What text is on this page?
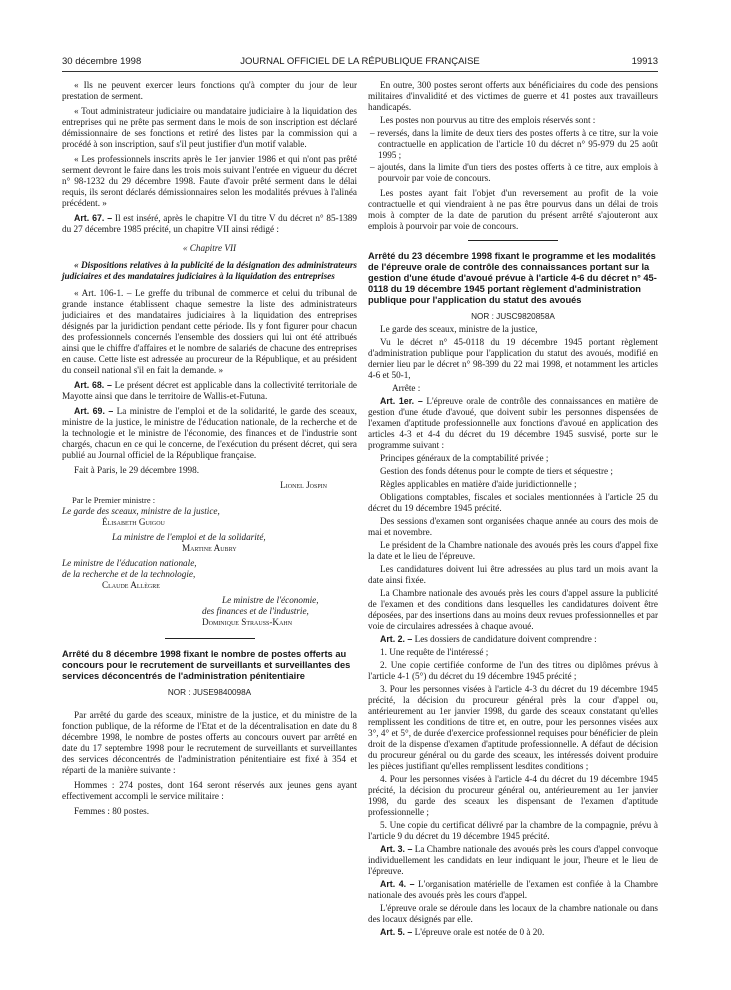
30 décembre 1998	JOURNAL OFFICIEL DE LA RÉPUBLIQUE FRANÇAISE	19913

« Ils ne peuvent exercer leurs fonctions qu'à compter du jour de leur prestation de serment.

« Tout administrateur judiciaire ou mandataire judiciaire à la liquidation des entreprises qui ne prête pas serment dans le mois de son inscription est déclaré démissionnaire de ses fonctions et retiré des listes par la commission qui a procédé à son inscription, sauf s'il peut justifier d'un motif valable.

« Les professionnels inscrits après le 1er janvier 1986 et qui n'ont pas prêté serment devront le faire dans les trois mois suivant l'entrée en vigueur du décret n° 98-1232 du 29 décembre 1998. Faute d'avoir prêté serment dans le délai requis, ils seront déclarés démissionnaires selon les modalités prévues à l'alinéa précédent. »

Art. 67. – Il est inséré, après le chapitre VI du titre V du décret n° 85-1389 du 27 décembre 1985 précité, un chapitre VII ainsi rédigé :

« Chapitre VII

« Dispositions relatives à la publicité de la désignation des administrateurs judiciaires et des mandataires judiciaires à la liquidation des entreprises

« Art. 106-1. – Le greffe du tribunal de commerce et celui du tribunal de grande instance établissent chaque semestre la liste des administrateurs judiciaires et des mandataires judiciaires à la liquidation des entreprises désignés par la juridiction pendant cette période. Ils y font figurer pour chacun des professionnels concernés l'ensemble des dossiers qui lui ont été attribués ainsi que le chiffre d'affaires et le nombre de salariés de chacune des entreprises en cause. Cette liste est adressée au procureur de la République, et au président du conseil national s'il en fait la demande. »

Art. 68. – Le présent décret est applicable dans la collectivité territoriale de Mayotte ainsi que dans le territoire de Wallis-et-Futuna.

Art. 69. – La ministre de l'emploi et de la solidarité, le garde des sceaux, ministre de la justice, le ministre de l'éducation nationale, de la recherche et de la technologie et le ministre de l'économie, des finances et de l'industrie sont chargés, chacun en ce qui le concerne, de l'exécution du présent décret, qui sera publié au Journal officiel de la République française.

Fait à Paris, le 29 décembre 1998.

Lionel Jospin

Par le Premier ministre :

Le garde des sceaux, ministre de la justice,

Élisabeth Guigou

La ministre de l'emploi et de la solidarité,

Martine Aubry

Le ministre de l'éducation nationale,

de la recherche et de la technologie,

Claude Allègre

Le ministre de l'économie,

des finances et de l'industrie,

Dominique Strauss-Kahn

Arrêté du 8 décembre 1998 fixant le nombre de postes offerts au concours pour le recrutement de surveillants et surveillantes des services déconcentrés de l'administration pénitentiaire

NOR : JUSE9840098A

Par arrêté du garde des sceaux, ministre de la justice, et du ministre de la fonction publique, de la réforme de l'Etat et de la décentralisation en date du 8 décembre 1998, le nombre de postes offerts au concours ouvert par arrêté en date du 17 septembre 1998 pour le recrutement de surveillants et surveillantes des services déconcentrés de l'administration pénitentiaire est fixé à 354 et réparti de la manière suivante :

Hommes : 274 postes, dont 164 seront réservés aux jeunes gens ayant effectivement accompli le service militaire :

Femmes : 80 postes.

En outre, 300 postes seront offerts aux bénéficiaires du code des pensions militaires d'invalidité et des victimes de guerre et 41 postes aux travailleurs handicapés.

Les postes non pourvus au titre des emplois réservés sont :

– reversés, dans la limite de deux tiers des postes offerts à ce titre, sur la voie contractuelle en application de l'article 10 du décret n° 95-979 du 25 août 1995 ;
– ajoutés, dans la limite d'un tiers des postes offerts à ce titre, aux emplois à pourvoir par voie de concours.

Les postes ayant fait l'objet d'un reversement au profit de la voie contractuelle et qui viendraient à ne pas être pourvus dans un délai de trois mois à compter de la date de parution du présent arrêté s'ajouteront aux emplois à pourvoir par voie de concours.

Arrêté du 23 décembre 1998 fixant le programme et les modalités de l'épreuve orale de contrôle des connaissances portant sur la gestion d'une étude d'avoué prévue à l'article 4-6 du décret n° 45-0118 du 19 décembre 1945 portant règlement d'administration publique pour l'application du statut des avoués

NOR : JUSC9820858A

Le garde des sceaux, ministre de la justice,

Vu le décret n° 45-0118 du 19 décembre 1945 portant règlement d'administration publique pour l'application du statut des avoués, modifié en dernier lieu par le décret n° 98-399 du 22 mai 1998, et notamment les articles 4-6 et 50-1,

Arrête :

Art. 1er. – L'épreuve orale de contrôle des connaissances en matière de gestion d'une étude d'avoué, que doivent subir les personnes dispensées de l'examen d'aptitude professionnelle aux fonctions d'avoué en application des articles 4-3 et 4-4 du décret du 19 décembre 1945 susvisé, porte sur le programme suivant :

Principes généraux de la comptabilité privée ;

Gestion des fonds détenus pour le compte de tiers et séquestre ;

Règles applicables en matière d'aide juridictionnelle ;

Obligations comptables, fiscales et sociales mentionnées à l'article 25 du décret du 19 décembre 1945 précité.

Des sessions d'examen sont organisées chaque année au cours des mois de mai et novembre.

Le président de la Chambre nationale des avoués près les cours d'appel fixe la date et le lieu de l'épreuve.

Les candidatures doivent lui être adressées au plus tard un mois avant la date ainsi fixée.

La Chambre nationale des avoués près les cours d'appel assure la publicité de l'examen et des conditions dans lesquelles les candidatures doivent être déposées, par des insertions dans au moins deux revues professionnelles et par voie de circulaires adressées à chaque avoué.

Art. 2. – Les dossiers de candidature doivent comprendre :

1. Une requête de l'intéressé ;

2. Une copie certifiée conforme de l'un des titres ou diplômes prévus à l'article 4-1 (5°) du décret du 19 décembre 1945 précité ;

3. Pour les personnes visées à l'article 4-3 du décret du 19 décembre 1945 précité, la décision du procureur général près la cour d'appel ou, antérieurement au 1er janvier 1998, du garde des sceaux constatant qu'elles remplissent les conditions de titre et, en outre, pour les personnes visées aux 3°, 4° et 5°, de durée d'exercice professionnel requises pour bénéficier de plein droit de la dispense d'examen d'aptitude professionnelle. A défaut de décision du procureur général ou du garde des sceaux, les intéressés doivent produire les pièces justifiant qu'elles remplissent lesdites conditions ;

4. Pour les personnes visées à l'article 4-4 du décret du 19 décembre 1945 précité, la décision du procureur général ou, antérieurement au 1er janvier 1998, du garde des sceaux les dispensant de l'examen d'aptitude professionnelle ;

5. Une copie du certificat délivré par la chambre de la compagnie, prévu à l'article 9 du décret du 19 décembre 1945 précité.

Art. 3. – La Chambre nationale des avoués près les cours d'appel convoque individuellement les candidats en leur indiquant le jour, l'heure et le lieu de l'épreuve.

Art. 4. – L'organisation matérielle de l'examen est confiée à la Chambre nationale des avoués près les cours d'appel.

L'épreuve orale se déroule dans les locaux de la chambre nationale ou dans des locaux désignés par elle.

Art. 5. – L'épreuve orale est notée de 0 à 20.
